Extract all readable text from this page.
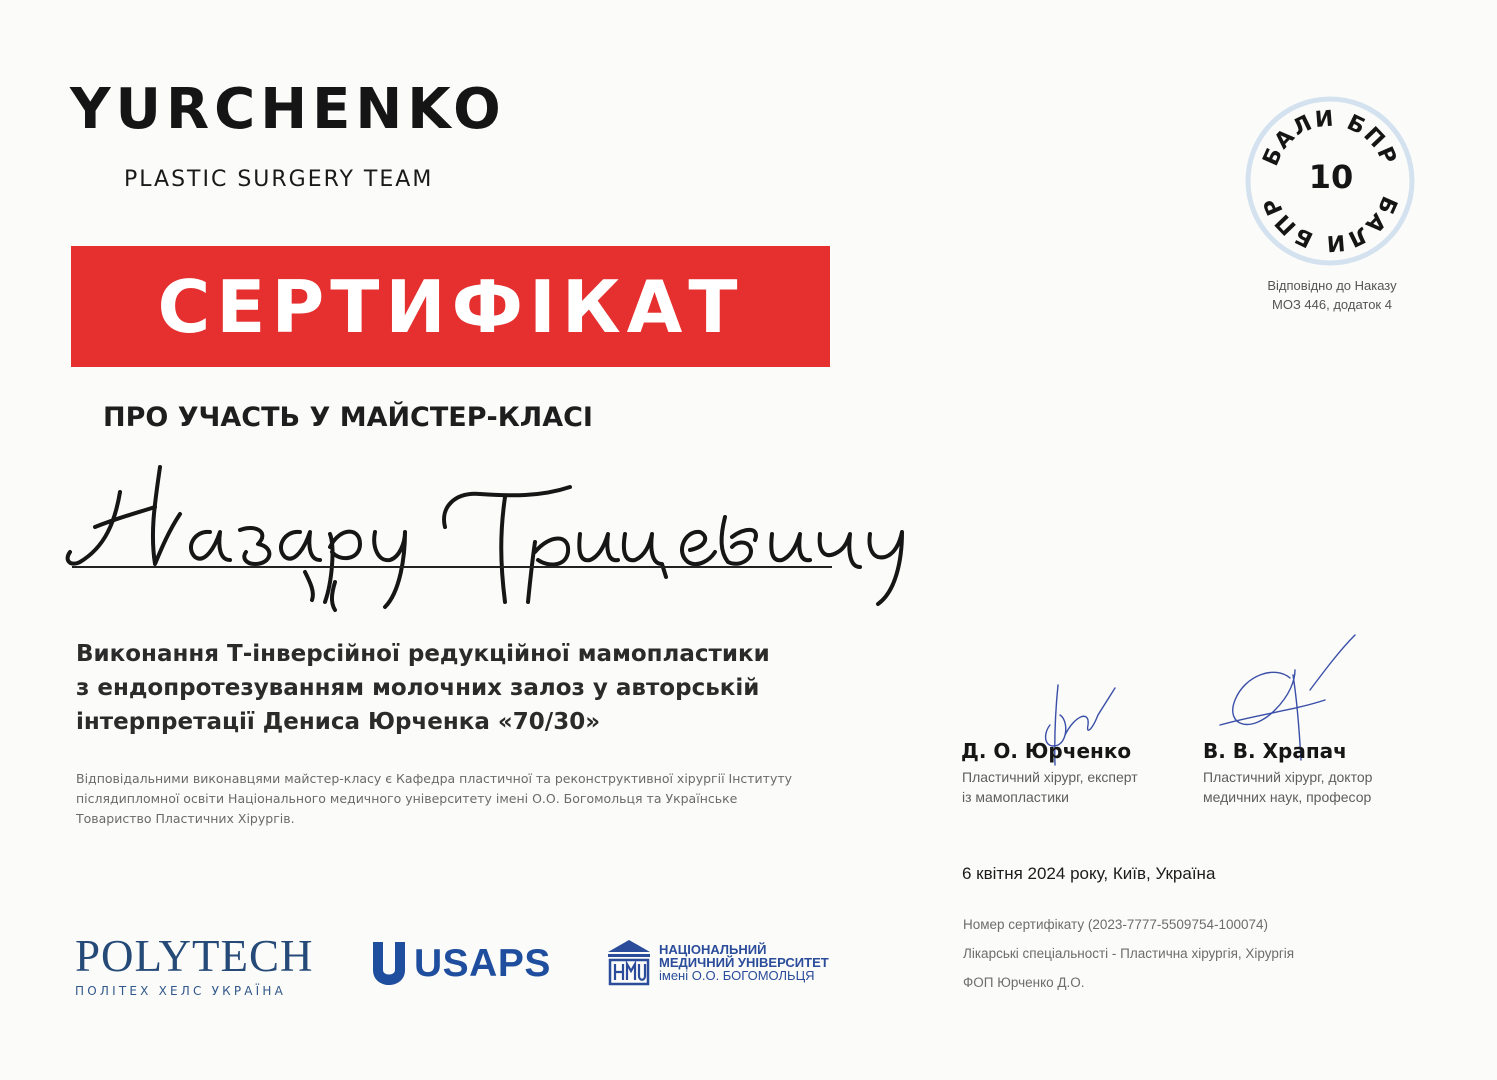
YURCHENKO
PLASTIC SURGERY TEAM
СЕРТИФІКАТ
ПРО УЧАСТЬ У МАЙСТЕР-КЛАСІ
Виконання Т-інверсійної редукційної мамопластики
з ендопротезуванням молочних залоз у авторській
інтерпретації Дениса Юрченка «70/30»
Відповідальними виконавцями майстер-класу є Кафедра пластичної та реконструктивної хірургії Інституту
післядипломної освіти Національного медичного університету імені О.О. Богомольця та Українське
Товариство Пластичних Хірургів.
БАЛИ БПР
БАЛИ БПР
10
Відповідно до Наказу
МОЗ 446, додаток 4
Д. О. Юрченко
Пластичний хірург, експерт
із мамопластики
В. В. Храпач
Пластичний хірург, доктор
медичних наук, професор
6 квітня 2024 року, Київ, Україна
Номер сертифікату (2023-7777-5509754-100074)
Лікарські спеціальності - Пластична хірургія, Хірургія
ФОП Юрченко Д.О.
POLYTECH
ПОЛІТЕХ ХЕЛС УКРАЇНА
USAPS	НАЦІОНАЛЬНИЙ
МЕДИЧНИЙ УНІВЕРСИТЕТ
імені О.О. БОГОМОЛЬЦЯ
